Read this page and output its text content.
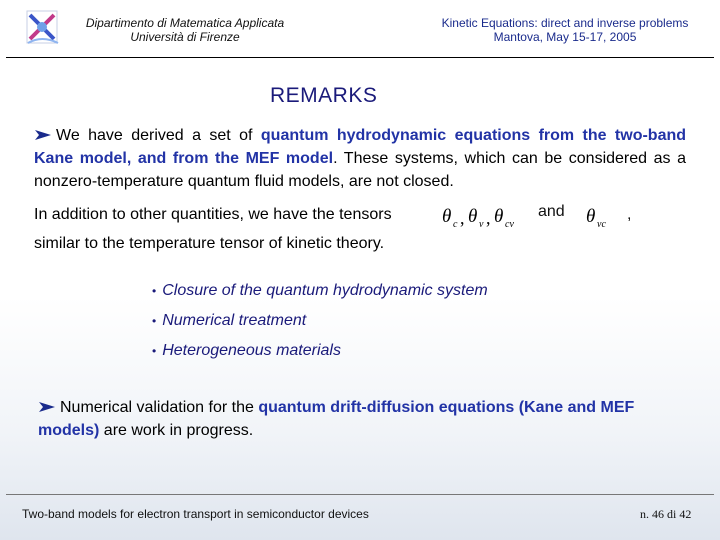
Dipartimento di Matematica Applicata
Università di Firenze
Kinetic Equations: direct and inverse problems
Mantova, May 15-17, 2005
REMARKS
We have derived a set of quantum hydrodynamic equations from the two-band Kane model, and from the MEF model. These systems, which can be considered as a nonzero-temperature quantum fluid models, are not closed.
In addition to other quantities, we have the tensors	θ c , θ v , θ cv
and θ vc
,
similar to the temperature tensor of kinetic theory.
• Closure of the quantum hydrodynamic system
• Numerical treatment
• Heterogeneous materials
Numerical validation for the quantum drift-diffusion equations (Kane and MEF models) are work in progress.
Two-band models for electron transport in semiconductor devices	n. 46 di 42
